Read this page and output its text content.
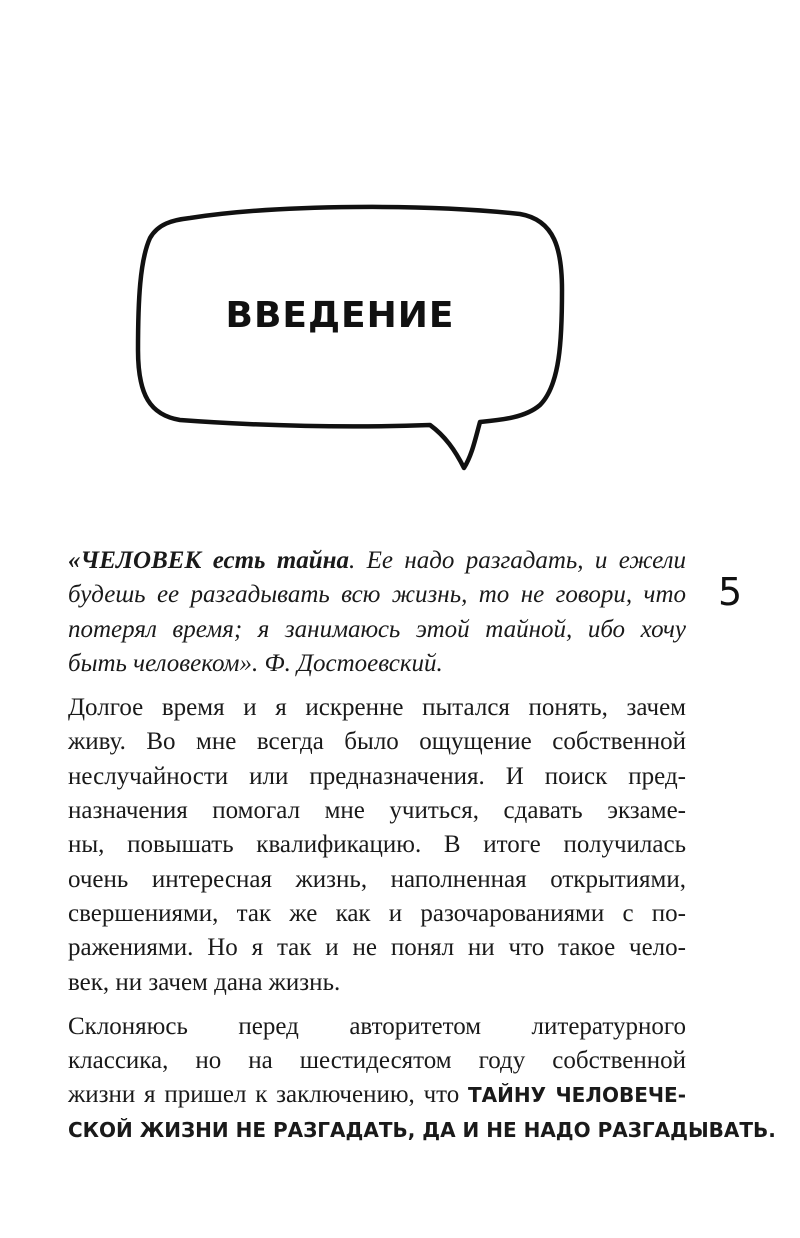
ВВЕДЕНИЕ
5
«ЧЕЛОВЕК есть тайна. Ее надо разгадать, и ежели
будешь ее разгадывать всю жизнь, то не говори, что
потерял время; я занимаюсь этой тайной, ибо хочу
быть человеком». Ф. Достоевский.
Долгое время и я искренне пытался понять, зачем
живу. Во мне всегда было ощущение собственной
неслучайности или предназначения. И поиск пред-
назначения помогал мне учиться, сдавать экзаме-
ны, повышать квалификацию. В итоге получилась
очень интересная жизнь, наполненная открытиями,
свершениями, так же как и разочарованиями с по-
ражениями. Но я так и не понял ни что такое чело-
век, ни зачем дана жизнь.
Склоняюсь перед авторитетом литературного
классика, но на шестидесятом году собственной
жизни я пришел к заключению, что ТАЙНУ ЧЕЛОВЕЧЕ-
СКОЙ ЖИЗНИ НЕ РАЗГАДАТЬ, ДА И НЕ НАДО РАЗГАДЫВАТЬ.
